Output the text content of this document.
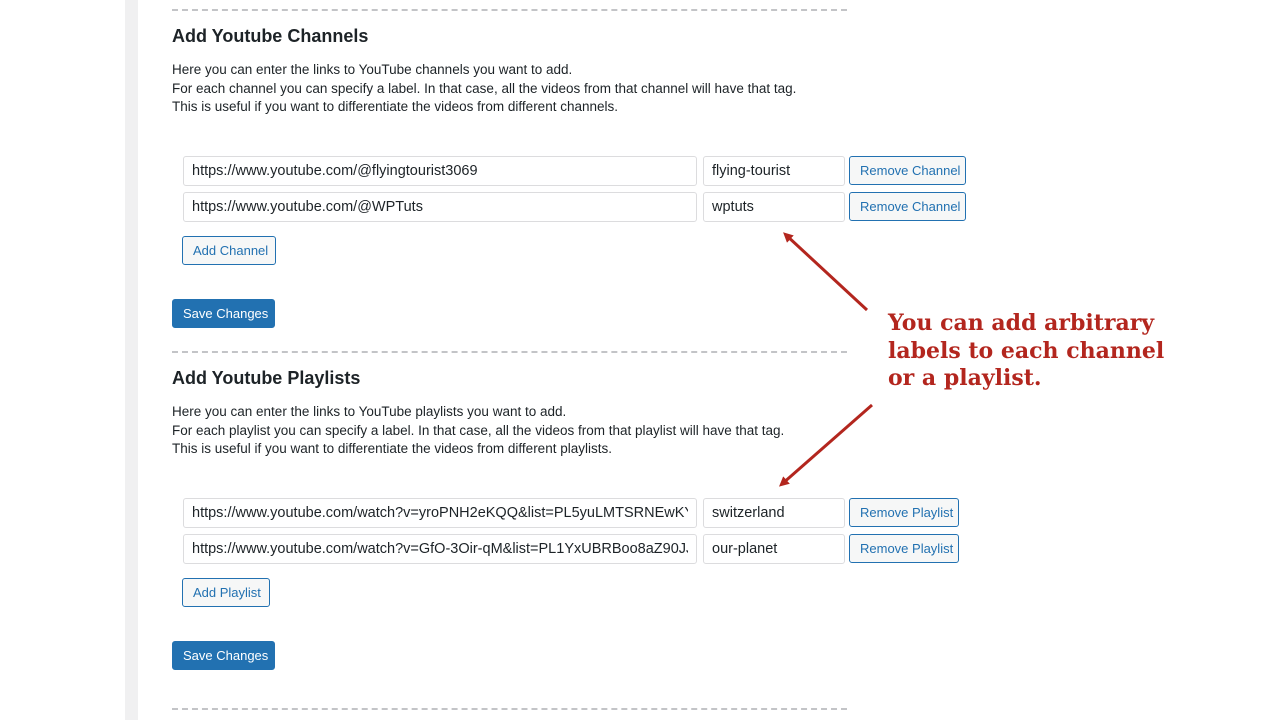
Add Youtube Channels
Here you can enter the links to YouTube channels you want to add.
For each channel you can specify a label. In that case, all the videos from that channel will have that tag.
This is useful if you want to differentiate the videos from different channels.
https://www.youtube.com/@flyingtourist3069
flying-tourist
Remove Channel
https://www.youtube.com/@WPTuts
wptuts
Remove Channel
Add Channel
Save Changes
Add Youtube Playlists
Here you can enter the links to YouTube playlists you want to add.
For each playlist you can specify a label. In that case, all the videos from that playlist will have that tag.
This is useful if you want to differentiate the videos from different playlists.
https://www.youtube.com/watch?v=yroPNH2eKQQ&list=PL5yuLMTSRNEwKYqJv4
switzerland
Remove Playlist
https://www.youtube.com/watch?v=GfO-3Oir-qM&list=PL1YxUBRBoo8aZ90JJLvL
our-planet
Remove Playlist
Add Playlist
Save Changes
You can add arbitrary
labels to each channel
or a playlist.
